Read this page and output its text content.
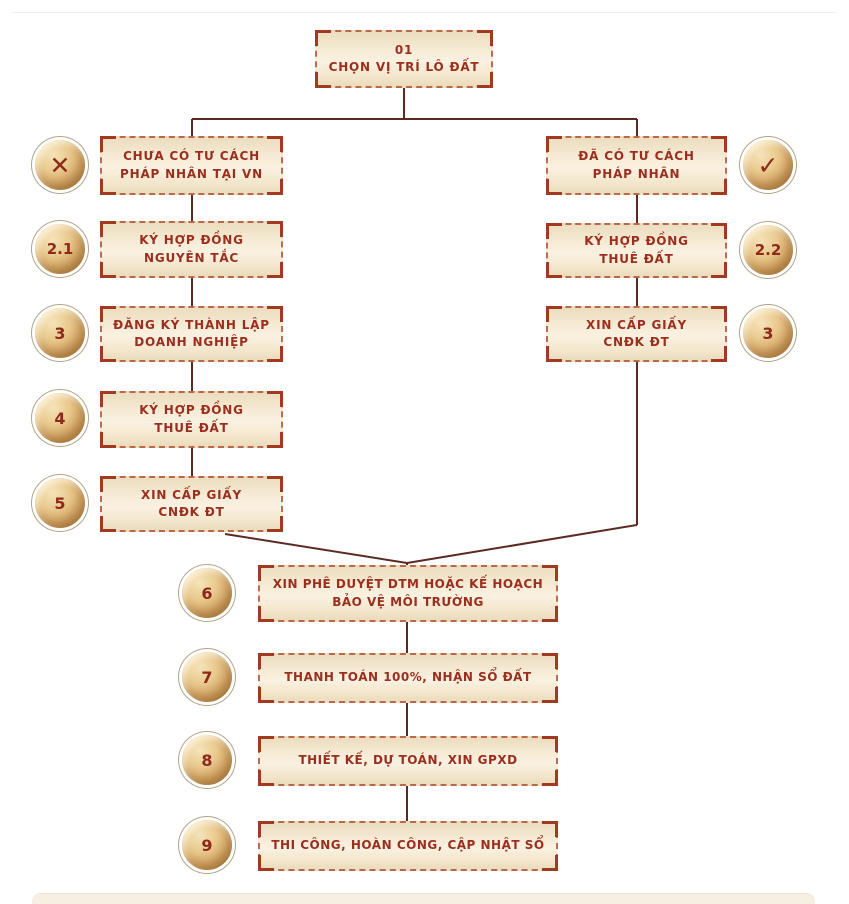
01
CHỌN VỊ TRÍ LÔ ĐẤT
✕
2.1
3
4
5
CHƯA CÓ TƯ CÁCH
PHÁP NHÂN TẠI VN
KÝ HỢP ĐỒNG
NGUYÊN TẮC
ĐĂNG KÝ THÀNH LẬP
DOANH NGHIỆP
KÝ HỢP ĐỒNG
THUÊ ĐẤT
XIN CẤP GIẤY
CNĐK ĐT
✓
2.2
3
ĐÃ CÓ TƯ CÁCH
PHÁP NHÂN
KÝ HỢP ĐỒNG
THUÊ ĐẤT
XIN CẤP GIẤY
CNĐK ĐT
6
7
8
9
XIN PHÊ DUYỆT DTM HOẶC KẾ HOẠCH
BẢO VỆ MÔI TRƯỜNG
THANH TOÁN 100%, NHẬN SỔ ĐẤT
THIẾT KẾ, DỰ TOÁN, XIN GPXD
THI CÔNG, HOÀN CÔNG, CẬP NHẬT SỔ
